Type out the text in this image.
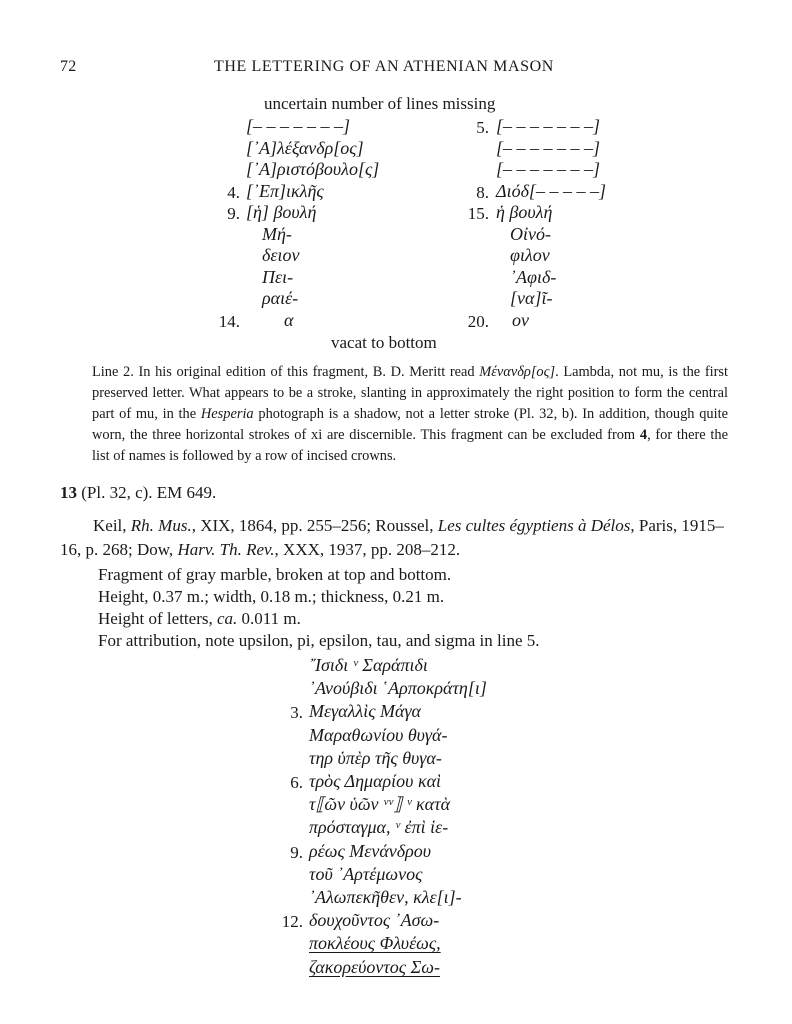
72	THE LETTERING OF AN ATHENIAN MASON
uncertain number of lines missing
[– – – – – – –]
[᾿Α]λέξανδρ[ος]
[᾿Α]ριστόβουλο[ς]
4. [᾿Επ]ικλῆς
9. [ἡ] βουλή
Μή-
δειον
Πει-
ραιέ-
14. α
5. [– – – – – – –]
[– – – – – – –]
[– – – – – – –]
8. Διόδ[– – – – –]
15. ἡ βουλή
Οἰνό-
φιλον
᾿Αφιδ-
[να]ῖ-
20. ον
vacat to bottom
Line 2. In his original edition of this fragment, B. D. Meritt read Μένανδρ[ος]. Lambda, not mu, is the first preserved letter. What appears to be a stroke, slanting in approximately the right position to form the central part of mu, in the Hesperia photograph is a shadow, not a letter stroke (Pl. 32, b). In addition, though quite worn, the three horizontal strokes of xi are discernible. This fragment can be excluded from 4, for there the list of names is followed by a row of incised crowns.
13 (Pl. 32, c). EM 649.
Keil, Rh. Mus., XIX, 1864, pp. 255–256; Roussel, Les cultes égyptiens à Délos, Paris, 1915–16, p. 268; Dow, Harv. Th. Rev., XXX, 1937, pp. 208–212.
Fragment of gray marble, broken at top and bottom.
Height, 0.37 m.; width, 0.18 m.; thickness, 0.21 m.
Height of letters, ca. 0.011 m.
For attribution, note upsilon, pi, epsilon, tau, and sigma in line 5.
῎Ισιδι ᵛ Σαράπιδι
᾿Ανούβιδι ῾Αρποκράτη[ι]
3. Μεγαλλὶς Μάγα
Μαραθωνίου θυγά-
τηρ ὑπὲρ τῆς θυγα-
6. τρὸς Δημαρίου καὶ
τ⟦ῶν ὑῶν ᵛᵛ⟧ ᵛ κατὰ
πρόσταγμα, ᵛ ἐπὶ ἱε-
9. ρέως Μενάνδρου
τοῦ ᾿Αρτέμωνος
᾿Αλωπεκῆθεν, κλε[ι]-
12. δουχοῦντος ᾿Ασω-
ποκλέους Φλυέως,
ζακορεύοντος Σω-
